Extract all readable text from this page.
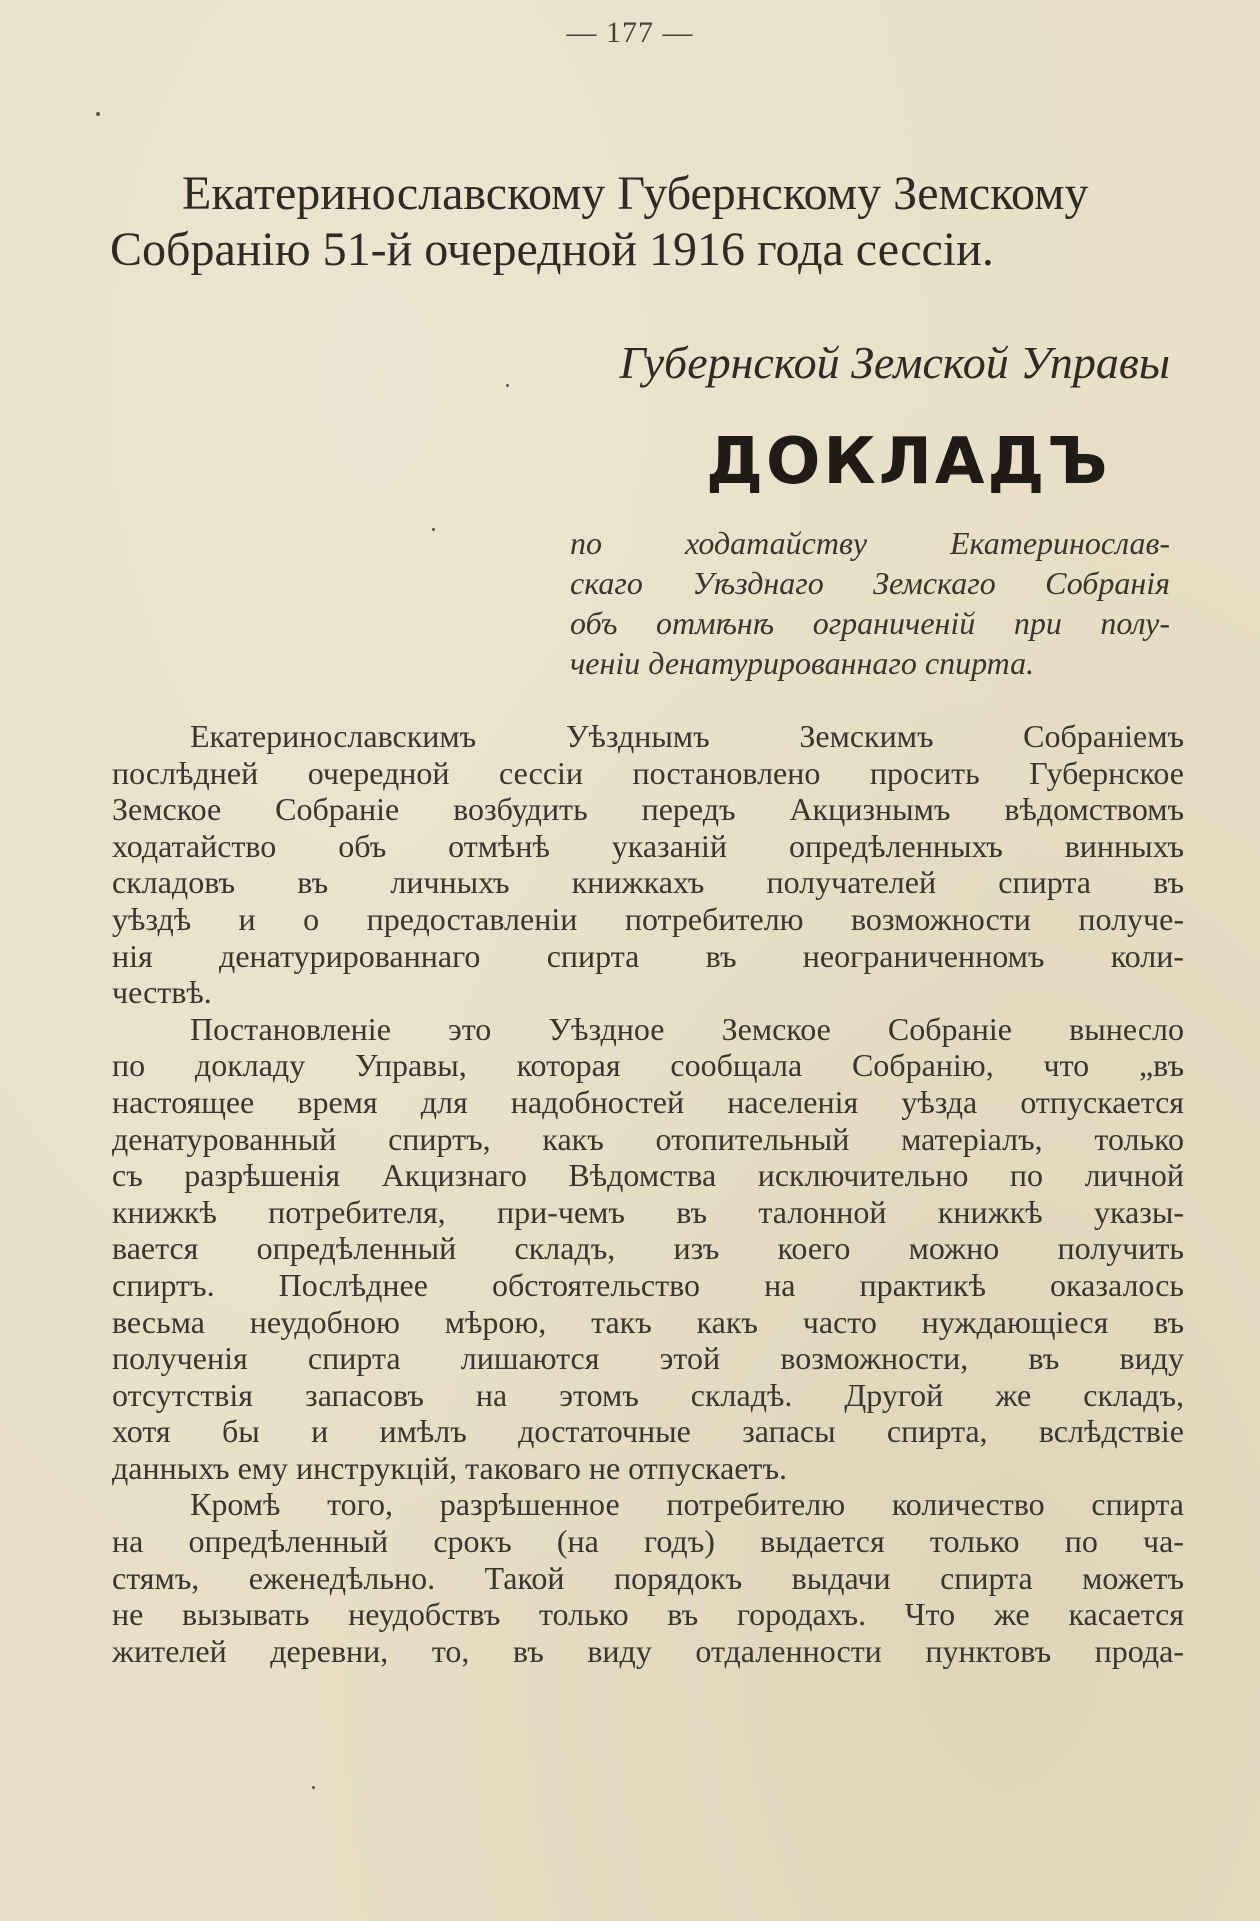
— 177 —
Екатеринославскому Губернскому Земскому
Собранію 51-й очередной 1916 года сессіи.
Губернской Земской Управы
ДОКЛАДЪ
по ходатайству Екатеринослав-
скаго Уѣзднаго Земскаго Собранія
объ отмѣнѣ ограниченій при полу-
ченіи денатурированнаго спирта.
Екатеринославскимъ Уѣзднымъ Земскимъ Собраніемъ
послѣдней очередной сессіи постановлено просить Губернское
Земское Собраніе возбудить передъ Акцизнымъ вѣдомствомъ
ходатайство объ отмѣнѣ указаній опредѣленныхъ винныхъ
складовъ въ личныхъ книжкахъ получателей спирта въ
уѣздѣ и о предоставленіи потребителю возможности получе-
нія денатурированнаго спирта въ неограниченномъ коли-
чествѣ.
Постановленіе это Уѣздное Земское Собраніе вынесло
по докладу Управы, которая сообщала Собранію, что „въ
настоящее время для надобностей населенія уѣзда отпускается
денатурованный спиртъ, какъ отопительный матеріалъ, только
съ разрѣшенія Акцизнаго Вѣдомства исключительно по личной
книжкѣ потребителя, при-чемъ въ талонной книжкѣ указы-
вается опредѣленный складъ, изъ коего можно получить
спиртъ. Послѣднее обстоятельство на практикѣ оказалось
весьма неудобною мѣрою, такъ какъ часто нуждающіеся въ
полученія спирта лишаются этой возможности, въ виду
отсутствія запасовъ на этомъ складѣ. Другой же складъ,
хотя бы и имѣлъ достаточные запасы спирта, вслѣдствіе
данныхъ ему инструкцій, таковаго не отпускаетъ.
Кромѣ того, разрѣшенное потребителю количество спирта
на опредѣленный срокъ (на годъ) выдается только по ча-
стямъ, еженедѣльно. Такой порядокъ выдачи спирта можетъ
не вызывать неудобствъ только въ городахъ. Что же касается
жителей деревни, то, въ виду отдаленности пунктовъ прода-
